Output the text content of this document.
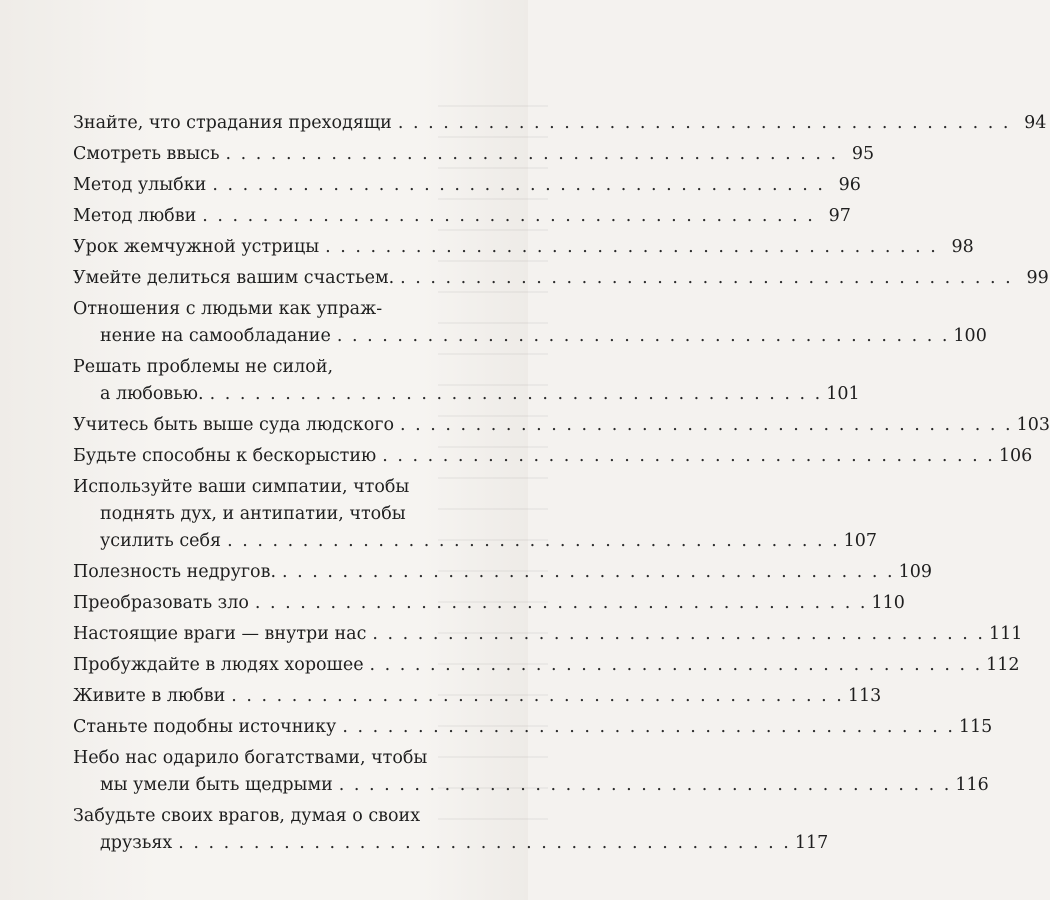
Знайте, что страдания преходящи . . . . . . . . . . . . . . . . . . . . . . . . . . . . . . . . . . . . . . . . . 94
Смотреть ввысь . . . . . . . . . . . . . . . . . . . . . . . . . . . . . . . . . . . . . . . . . 95
Метод улыбки . . . . . . . . . . . . . . . . . . . . . . . . . . . . . . . . . . . . . . . . . 96
Метод любви . . . . . . . . . . . . . . . . . . . . . . . . . . . . . . . . . . . . . . . . . 97
Урок жемчужной устрицы . . . . . . . . . . . . . . . . . . . . . . . . . . . . . . . . . . . . . . . . . 98
Умейте делиться вашим счастьем. . . . . . . . . . . . . . . . . . . . . . . . . . . . . . . . . . . . . . . . . . 99
Отношения с людьми как упраж-
нение на самообладание . . . . . . . . . . . . . . . . . . . . . . . . . . . . . . . . . . . . . . . . . 100
Решать проблемы не силой,
а любовью. . . . . . . . . . . . . . . . . . . . . . . . . . . . . . . . . . . . . . . . . . 101
Учитесь быть выше суда людского . . . . . . . . . . . . . . . . . . . . . . . . . . . . . . . . . . . . . . . . . 103
Будьте способны к бескорыстию . . . . . . . . . . . . . . . . . . . . . . . . . . . . . . . . . . . . . . . . . 106
Используйте ваши симпатии, чтобы
поднять дух, и антипатии, чтобы
усилить себя . . . . . . . . . . . . . . . . . . . . . . . . . . . . . . . . . . . . . . . . . 107
Полезность недругов. . . . . . . . . . . . . . . . . . . . . . . . . . . . . . . . . . . . . . . . . . 109
Преобразовать зло . . . . . . . . . . . . . . . . . . . . . . . . . . . . . . . . . . . . . . . . . 110
Настоящие враги — внутри нас . . . . . . . . . . . . . . . . . . . . . . . . . . . . . . . . . . . . . . . . . 111
Пробуждайте в людях хорошее . . . . . . . . . . . . . . . . . . . . . . . . . . . . . . . . . . . . . . . . . 112
Живите в любви . . . . . . . . . . . . . . . . . . . . . . . . . . . . . . . . . . . . . . . . . 113
Станьте подобны источнику . . . . . . . . . . . . . . . . . . . . . . . . . . . . . . . . . . . . . . . . . 115
Небо нас одарило богатствами, чтобы
мы умели быть щедрыми . . . . . . . . . . . . . . . . . . . . . . . . . . . . . . . . . . . . . . . . . 116
Забудьте своих врагов, думая о своих
друзьях . . . . . . . . . . . . . . . . . . . . . . . . . . . . . . . . . . . . . . . . . 117
